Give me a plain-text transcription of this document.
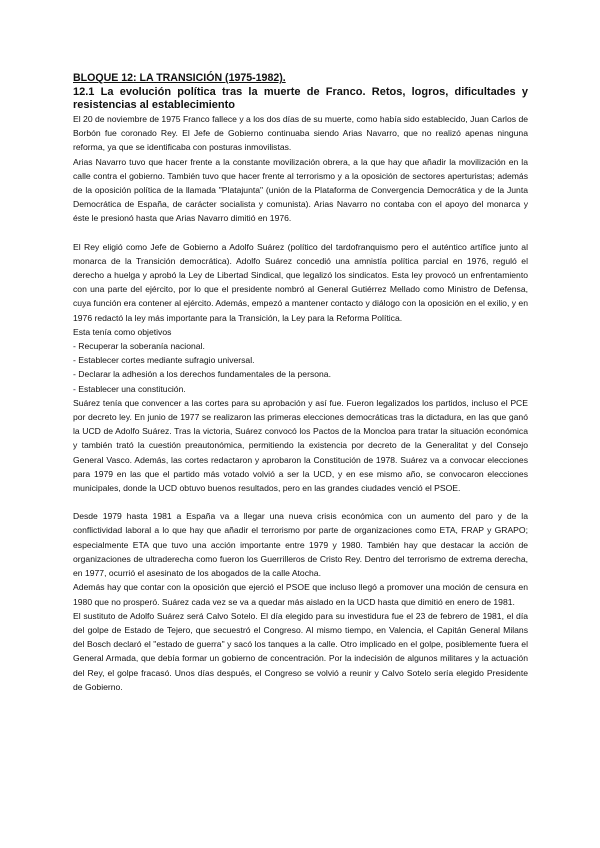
BLOQUE 12: LA TRANSICIÓN (1975-1982).

12.1 La evolución política tras la muerte de Franco. Retos, logros, dificultades y resistencias al establecimiento

El 20 de noviembre de 1975 Franco fallece y a los dos días de su muerte, como había sido establecido, Juan Carlos de Borbón fue coronado Rey. El Jefe de Gobierno continuaba siendo Arias Navarro, que no realizó apenas ninguna reforma, ya que se identificaba con posturas inmovilistas.

Arias Navarro tuvo que hacer frente a la constante movilización obrera, a la que hay que añadir la movilización en la calle contra el gobierno. También tuvo que hacer frente al terrorismo y a la oposición de sectores aperturistas; además de la oposición política de la llamada "Platajunta" (unión de la Plataforma de Convergencia Democrática y de la Junta Democrática de España, de carácter socialista y comunista). Arias Navarro no contaba con el apoyo del monarca y éste le presionó hasta que Arias Navarro dimitió en 1976.

El Rey eligió como Jefe de Gobierno a Adolfo Suárez (político del tardofranquismo pero el auténtico artífice junto al monarca de la Transición democrática). Adolfo Suárez concedió una amnistía política parcial en 1976, reguló el derecho a huelga y aprobó la Ley de Libertad Sindical, que legalizó los sindicatos. Esta ley provocó un enfrentamiento con una parte del ejército, por lo que el presidente nombró al General Gutiérrez Mellado como Ministro de Defensa, cuya función era contener al ejército. Además, empezó a mantener contacto y diálogo con la oposición en el exilio, y en 1976 redactó la ley más importante para la Transición, la Ley para la Reforma Política.

Esta tenía como objetivos

- Recuperar la soberanía nacional.
- Establecer cortes mediante sufragio universal.
- Declarar la adhesión a los derechos fundamentales de la persona.
- Establecer una constitución.

Suárez tenía que convencer a las cortes para su aprobación y así fue. Fueron legalizados los partidos, incluso el PCE por decreto ley. En junio de 1977 se realizaron las primeras elecciones democráticas tras la dictadura, en las que ganó la UCD de Adolfo Suárez. Tras la victoria, Suárez convocó los Pactos de la Moncloa para tratar la situación económica y también trató la cuestión preautonómica, permitiendo la existencia por decreto de la Generalitat y del Consejo General Vasco. Además, las cortes redactaron y aprobaron la Constitución de 1978. Suárez va a convocar elecciones para 1979 en las que el partido más votado volvió a ser la UCD, y en ese mismo año, se convocaron elecciones municipales, donde la UCD obtuvo buenos resultados, pero en las grandes ciudades venció el PSOE.

Desde 1979 hasta 1981 a España va a llegar una nueva crisis económica con un aumento del paro y de la conflictividad laboral a lo que hay que añadir el terrorismo por parte de organizaciones como ETA, FRAP y GRAPO; especialmente ETA que tuvo una acción importante entre 1979 y 1980. También hay que destacar la acción de organizaciones de ultraderecha como fueron los Guerrilleros de Cristo Rey. Dentro del terrorismo de extrema derecha, en 1977, ocurrió el asesinato de los abogados de la calle Atocha.

Además hay que contar con la oposición que ejerció el PSOE que incluso llegó a promover una moción de censura en 1980 que no prosperó. Suárez cada vez se va a quedar más aislado en la UCD hasta que dimitió en enero de 1981.

El sustituto de Adolfo Suárez será Calvo Sotelo. El día elegido para su investidura fue el 23 de febrero de 1981, el día del golpe de Estado de Tejero, que secuestró el Congreso. Al mismo tiempo, en Valencia, el Capitán General Milans del Bosch declaró el "estado de guerra" y sacó los tanques a la calle. Otro implicado en el golpe, posiblemente fuera el General Armada, que debía formar un gobierno de concentración. Por la indecisión de algunos militares y la actuación del Rey, el golpe fracasó. Unos días después, el Congreso se volvió a reunir y Calvo Sotelo sería elegido Presidente de Gobierno.
